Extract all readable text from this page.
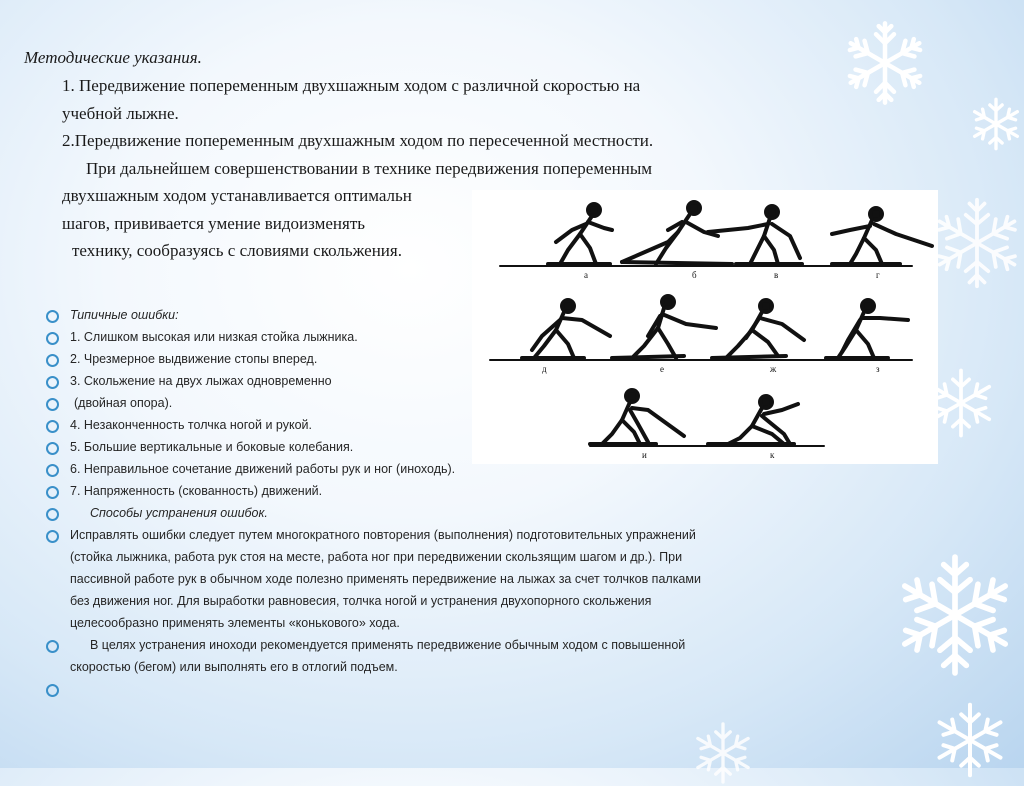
Методические указания.

1. Передвижение попеременным двухшажным ходом с различной скоростью на
учебной лыжне.

2.Передвижение попеременным двухшажным ходом по пересеченной местности.

При дальнейшем совершенствовании в технике передвижения попеременным

двухшажным ходом устанавливается оптимальн

шагов, прививается умение видоизменять

технику, сообразуясь с словиями скольжения.

а	б	в	г
д	е	ж	з
и	к
Типичные ошибки:
1. Слишком высокая или низкая стойка лыжника.
2. Чрезмерное выдвижение стопы вперед.
3. Скольжение на двух лыжах одновременно
(двойная опора).
4. Незаконченность толчка ногой и рукой.
5. Большие вертикальные и боковые колебания.
6. Неправильное сочетание движений работы рук и ног (иноходь).
7. Напряженность (скованность) движений.
Способы устранения ошибок.
Исправлять ошибки следует путем многократного повторения (выполнения) подготовительных упражнений
(стойка лыжника, работа рук стоя на месте, работа ног при передвижении скользящим шагом и др.). При
пассивной работе рук в обычном ходе полезно применять передвижение на лыжах за счет толчков палками
без движения ног. Для выработки равновесия, толчка ногой и устранения двухопорного скольжения
целесообразно применять элементы «конькового» хода.
В целях устранения иноходи рекомендуется применять передвижение обычным ходом с повышенной
скоростью (бегом) или выполнять его в отлогий подъем.
